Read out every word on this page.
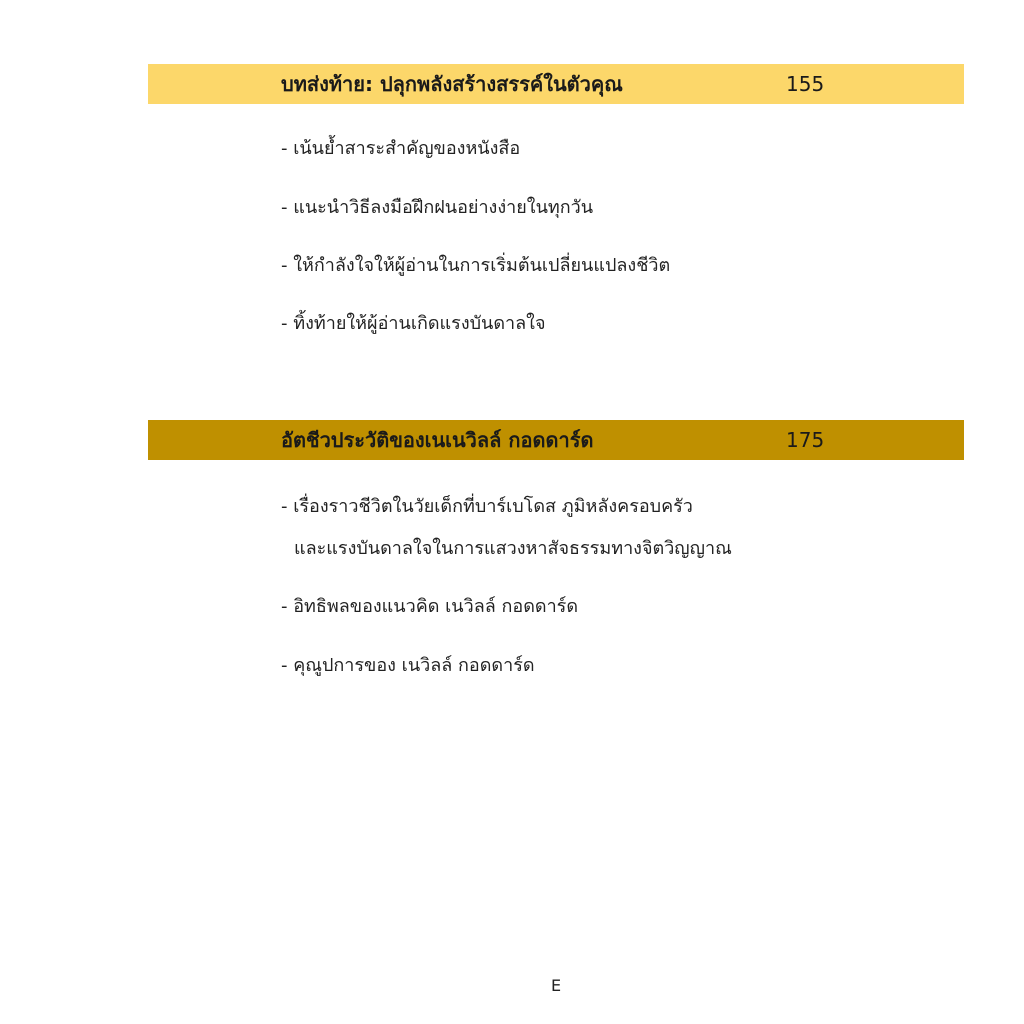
บทส่งท้าย: ปลุกพลังสร้างสรรค์ในตัวคุณ	155
- เน้นย้ำสาระสำคัญของหนังสือ
- แนะนำวิธีลงมือฝึกฝนอย่างง่ายในทุกวัน
- ให้กำลังใจให้ผู้อ่านในการเริ่มต้นเปลี่ยนแปลงชีวิต
- ทิ้งท้ายให้ผู้อ่านเกิดแรงบันดาลใจ
อัตชีวประวัติของเนเนวิลล์ กอดดาร์ด	175
- เรื่องราวชีวิตในวัยเด็กที่บาร์เบโดส ภูมิหลังครอบครัว
และแรงบันดาลใจในการแสวงหาสัจธรรมทางจิตวิญญาณ
- อิทธิพลของแนวคิด เนวิลล์ กอดดาร์ด
- คุณูปการของ เนวิลล์ กอดดาร์ด
E
